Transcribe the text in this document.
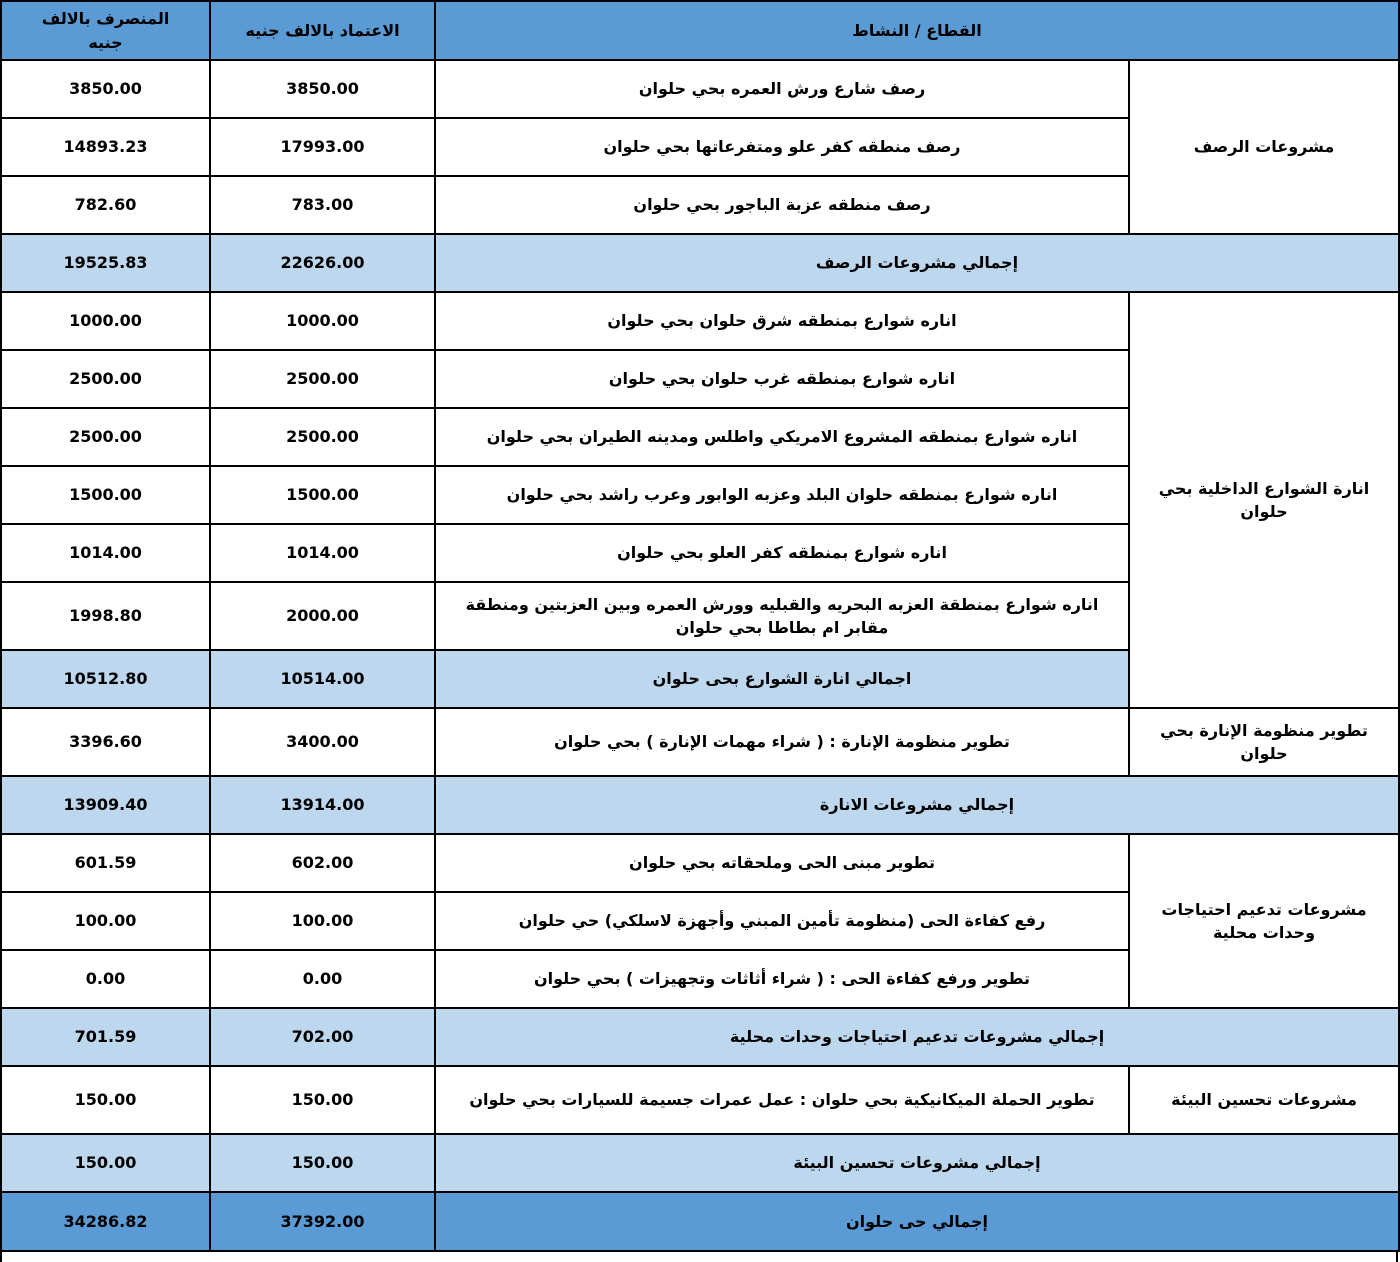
المنصرف بالالف جنيه	الاعتماد بالالف جنيه	القطاع / النشاط	
3850.00	3850.00	رصف شارع ورش العمره بحي حلوان	مشروعات الرصف
14893.23	17993.00	رصف منطقه كفر علو ومتفرعاتها بحي حلوان	
782.60	783.00	رصف منطقه عزبة الباجور بحي حلوان	
19525.83	22626.00	إجمالي مشروعات الرصف	
1000.00	1000.00	اناره شوارع بمنطقه شرق حلوان بحي حلوان	انارة الشوارع الداخلية بحي حلوان
2500.00	2500.00	اناره شوارع بمنطقه غرب حلوان بحي حلوان	
2500.00	2500.00	اناره شوارع بمنطقه المشروع الامريكي واطلس ومدينه الطيران بحي حلوان	
1500.00	1500.00	اناره شوارع بمنطقه حلوان البلد وعزبه الوابور وعرب راشد بحي حلوان	
1014.00	1014.00	اناره شوارع بمنطقه كفر العلو بحي حلوان	
1998.80	2000.00	اناره شوارع بمنطقة العزبه البحريه والقبليه وورش العمره وبين العزبتين ومنطقة مقابر ام بطاطا بحي حلوان	
10512.80	10514.00	اجمالي انارة الشوارع بحى حلوان	
3396.60	3400.00	تطوير منظومة الإنارة : ( شراء مهمات الإنارة ) بحي حلوان	تطوير منظومة الإنارة بحي حلوان
13909.40	13914.00	إجمالي مشروعات الانارة	
601.59	602.00	تطوير مبنى الحى وملحقاته بحي حلوان	مشروعات تدعيم احتياجات وحدات محلية
100.00	100.00	رفع كفاءة الحى (منظومة تأمين المبني وأجهزة لاسلكي) حي حلوان	
0.00	0.00	تطوير ورفع كفاءة الحى : ( شراء أثاثات وتجهيزات ) بحي حلوان	
701.59	702.00	إجمالي مشروعات تدعيم احتياجات وحدات محلية	
150.00	150.00	تطوير الحملة الميكانيكية بحي حلوان : عمل عمرات جسيمة للسيارات بحي حلوان	مشروعات تحسين البيئة
150.00	150.00	إجمالي مشروعات تحسين البيئة	
34286.82	37392.00	إجمالي حى حلوان	
